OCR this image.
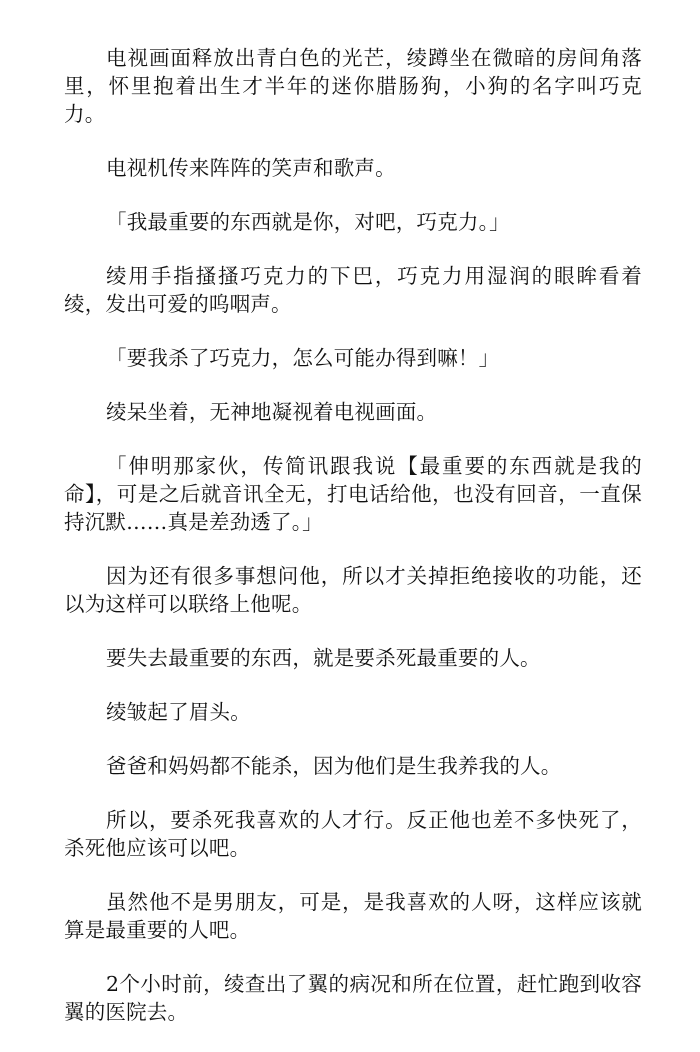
电视画面释放出青白色的光芒，绫蹲坐在微暗的房间角落里，怀里抱着出生才半年的迷你腊肠狗，小狗的名字叫巧克力。

电视机传来阵阵的笑声和歌声。

「我最重要的东西就是你，对吧，巧克力。」

绫用手指搔搔巧克力的下巴，巧克力用湿润的眼眸看着绫，发出可爱的呜咽声。

「要我杀了巧克力，怎么可能办得到嘛！」

绫呆坐着，无神地凝视着电视画面。

「伸明那家伙，传简讯跟我说【最重要的东西就是我的命】，可是之后就音讯全无，打电话给他，也没有回音，一直保持沉默……真是差劲透了。」

因为还有很多事想问他，所以才关掉拒绝接收的功能，还以为这样可以联络上他呢。

要失去最重要的东西，就是要杀死最重要的人。

绫皱起了眉头。

爸爸和妈妈都不能杀，因为他们是生我养我的人。

所以，要杀死我喜欢的人才行。反正他也差不多快死了，杀死他应该可以吧。

虽然他不是男朋友，可是，是我喜欢的人呀，这样应该就算是最重要的人吧。

2个小时前，绫查出了翼的病况和所在位置，赶忙跑到收容翼的医院去。
